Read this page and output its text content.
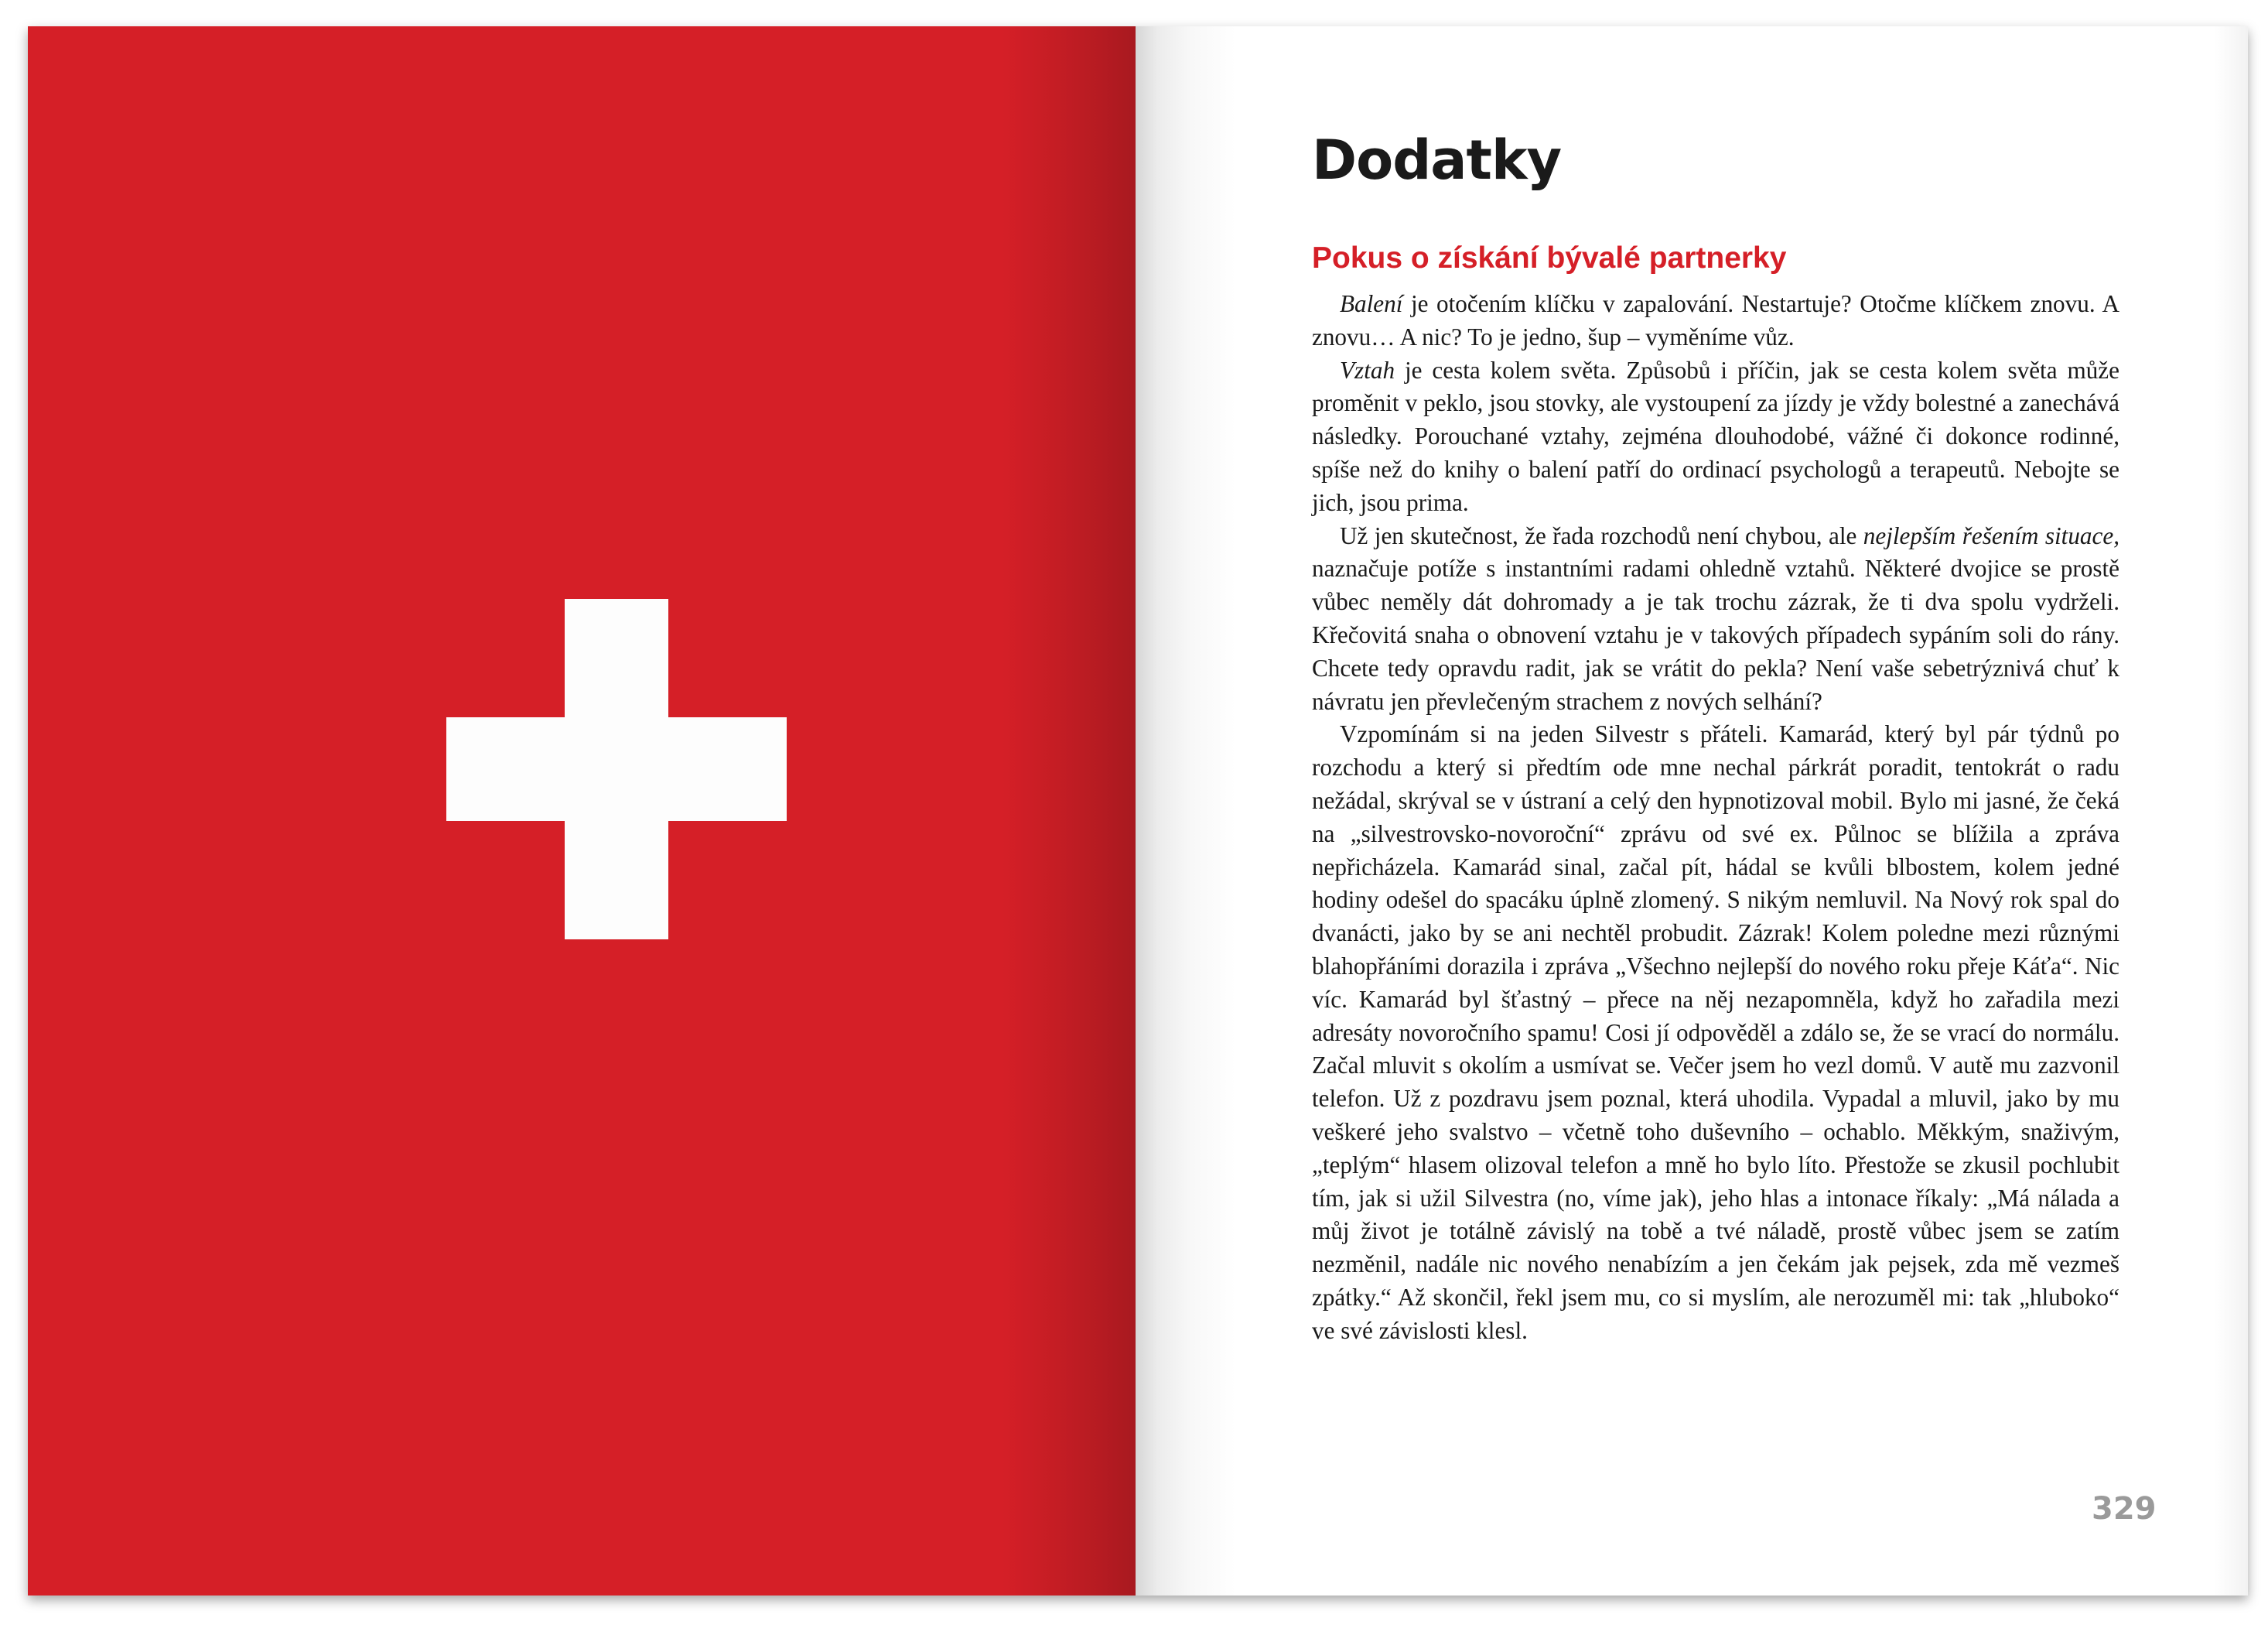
Dodatky
Pokus o získání bývalé partnerky

Balení je otočením klíčku v zapalování. Nestartuje? Otočme klíčkem znovu. A znovu… A nic? To je jedno, šup – vyměníme vůz.

Vztah je cesta kolem světa. Způsobů i příčin, jak se cesta kolem světa může proměnit v peklo, jsou stovky, ale vystoupení za jízdy je vždy bolestné a zanechává následky. Porouchané vztahy, zejména dlouhodobé, vážné či dokonce rodinné, spíše než do knihy o balení patří do ordinací psychologů a terapeutů. Nebojte se jich, jsou prima.

Už jen skutečnost, že řada rozchodů není chybou, ale nejlepším řešením situace, naznačuje potíže s instantními radami ohledně vztahů. Některé dvojice se prostě vůbec neměly dát dohromady a je tak trochu zázrak, že ti dva spolu vydrželi. Křečovitá snaha o obnovení vztahu je v takových případech sypáním soli do rány. Chcete tedy opravdu radit, jak se vrátit do pekla? Není vaše sebetrýznivá chuť k návratu jen převlečeným strachem z nových selhání?

Vzpomínám si na jeden Silvestr s přáteli. Kamarád, který byl pár týdnů po rozchodu a který si předtím ode mne nechal párkrát poradit, tentokrát o radu nežádal, skrýval se v ústraní a celý den hypnotizoval mobil. Bylo mi jasné, že čeká na „silvestrovsko-novoroční“ zprávu od své ex. Půlnoc se blížila a zpráva nepřicházela. Kamarád sinal, začal pít, hádal se kvůli blbostem, kolem jedné hodiny odešel do spacáku úplně zlomený. S nikým nemluvil. Na Nový rok spal do dvanácti, jako by se ani nechtěl probudit. Zázrak! Kolem poledne mezi různými blahopřáními dorazila i zpráva „Všechno nejlepší do nového roku přeje Káťa“. Nic víc. Kamarád byl šťastný – přece na něj nezapomněla, když ho zařadila mezi adresáty novoročního spamu! Cosi jí odpověděl a zdálo se, že se vrací do normálu. Začal mluvit s okolím a usmívat se. Večer jsem ho vezl domů. V autě mu zazvonil telefon. Už z pozdravu jsem poznal, která uhodila. Vypadal a mluvil, jako by mu veškeré jeho svalstvo – včetně toho duševního – ochablo. Měkkým, snaživým, „teplým“ hlasem olizoval telefon a mně ho bylo líto. Přestože se zkusil pochlubit tím, jak si užil Silvestra (no, víme jak), jeho hlas a intonace říkaly: „Má nálada a můj život je totálně závislý na tobě a tvé náladě, prostě vůbec jsem se zatím nezměnil, nadále nic nového nenabízím a jen čekám jak pejsek, zda mě vezmeš zpátky.“ Až skončil, řekl jsem mu, co si myslím, ale nerozuměl mi: tak „hluboko“ ve své závislosti klesl.

329
